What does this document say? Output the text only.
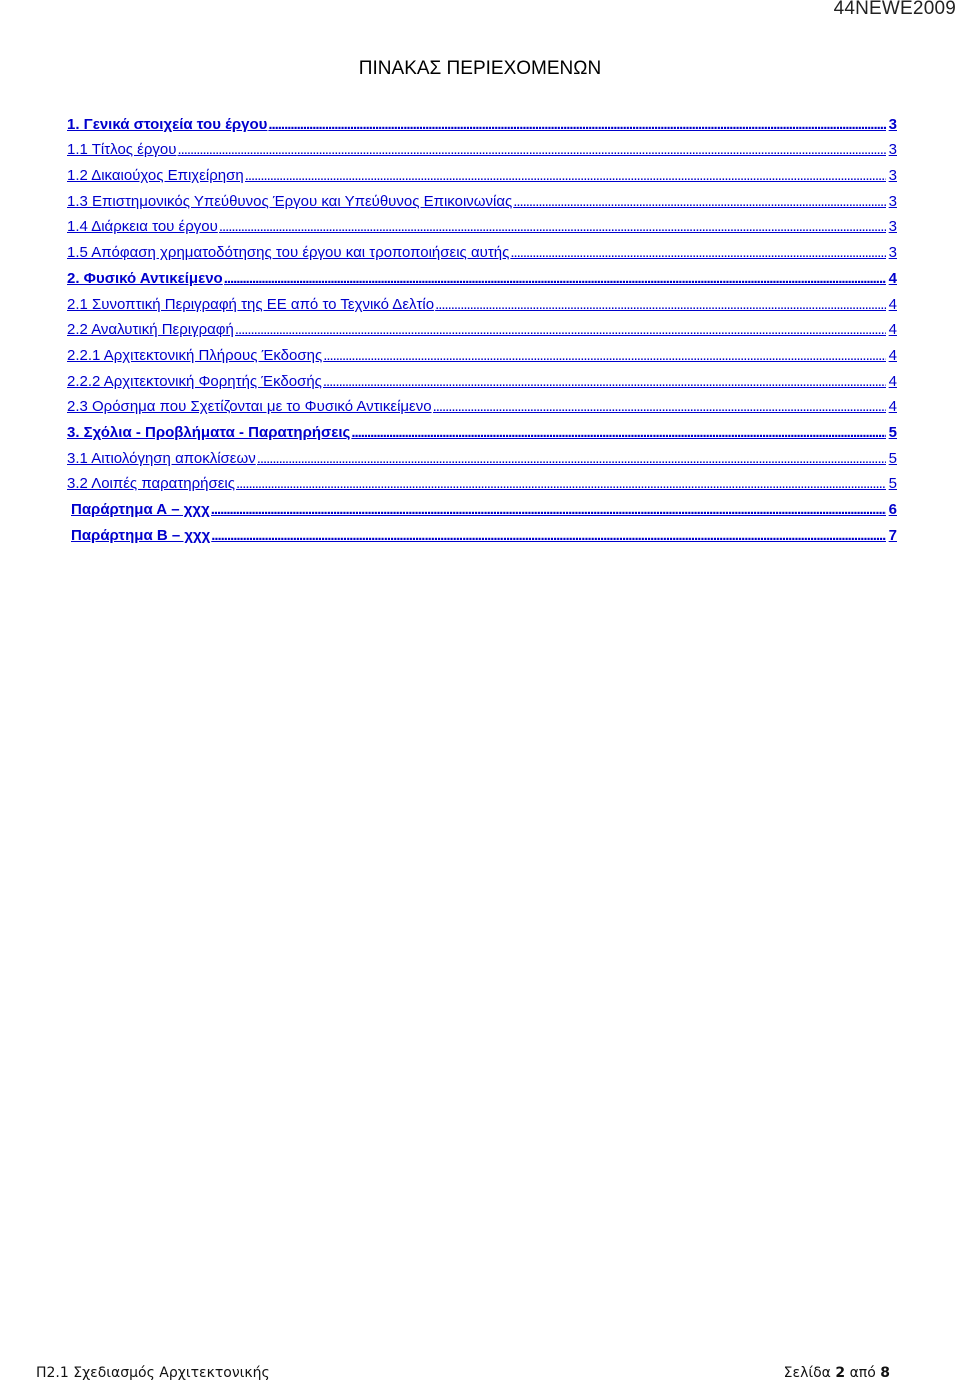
44NEWE2009
ΠΙΝΑΚΑΣ ΠΕΡΙΕΧΟΜΕΝΩΝ
1. Γενικά στοιχεία του έργου . . .	3
1.1 Τίτλος έργου . . .	3
1.2 Δικαιούχος Επιχείρηση . . .	3
1.3 Επιστημονικός Υπεύθυνος Έργου και Υπεύθυνος Επικοινωνίας . . .	3
1.4 Διάρκεια του έργου . . .	3
1.5 Απόφαση χρηματοδότησης του έργου και τροποποιήσεις αυτής . . .	3
2. Φυσικό Αντικείμενο . . .	4
2.1 Συνοπτική Περιγραφή της ΕΕ από το Τεχνικό Δελτίο . . .	4
2.2 Αναλυτική Περιγραφή . . .	4
2.2.1 Αρχιτεκτονική Πλήρους Έκδοσης . . .	4
2.2.2 Αρχιτεκτονική Φορητής Έκδοσής . . .	4
2.3 Ορόσημα που Σχετίζονται με το Φυσικό Αντικείμενο . . .	4
3. Σχόλια - Προβλήματα - Παρατηρήσεις . . .	5
3.1 Αιτιολόγηση αποκλίσεων . . .	5
3.2 Λοιπές παρατηρήσεις . . .	5
Παράρτημα Α – χχχ . . .	6
Παράρτημα Β – χχχ . . .	7
Π2.1 Σχεδιασμός Αρχιτεκτονικής	Σελίδα 2 από 8
